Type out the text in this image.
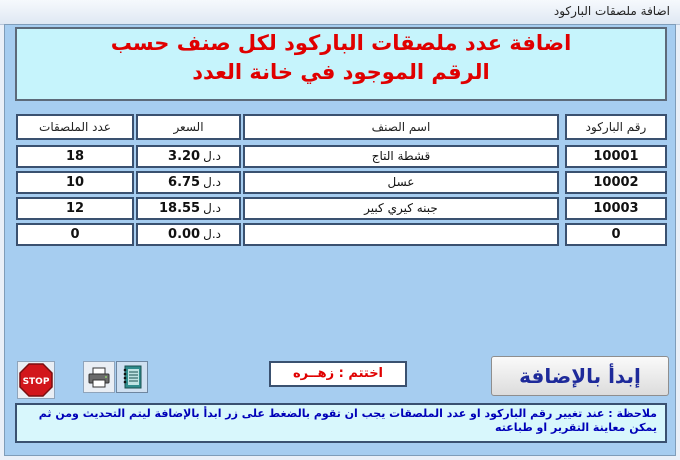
اضافة ملصقات الباركود
اضافة عدد ملصقات الباركود لكل صنف حسب
الرقم الموجود في خانة العدد
رقم الباركود
اسم الصنف
السعر
عدد الملصقات
10001
قشطة التاج
3.20 د.ل
18
10002
عسل
6.75 د.ل
10
10003
جبنه كيري كبير
18.55 د.ل
12
0
0.00 د.ل
0
STOP
اختتم : زهــره	إبدأ بالإضافة
ملاحظة : عند تغيير رقم الباركود او عدد الملصقات يجب ان تقوم بالضغط على زر ابدأ بالإضافة ليتم التحديث ومن ثم يمكن معاينة التقرير او طباعته
